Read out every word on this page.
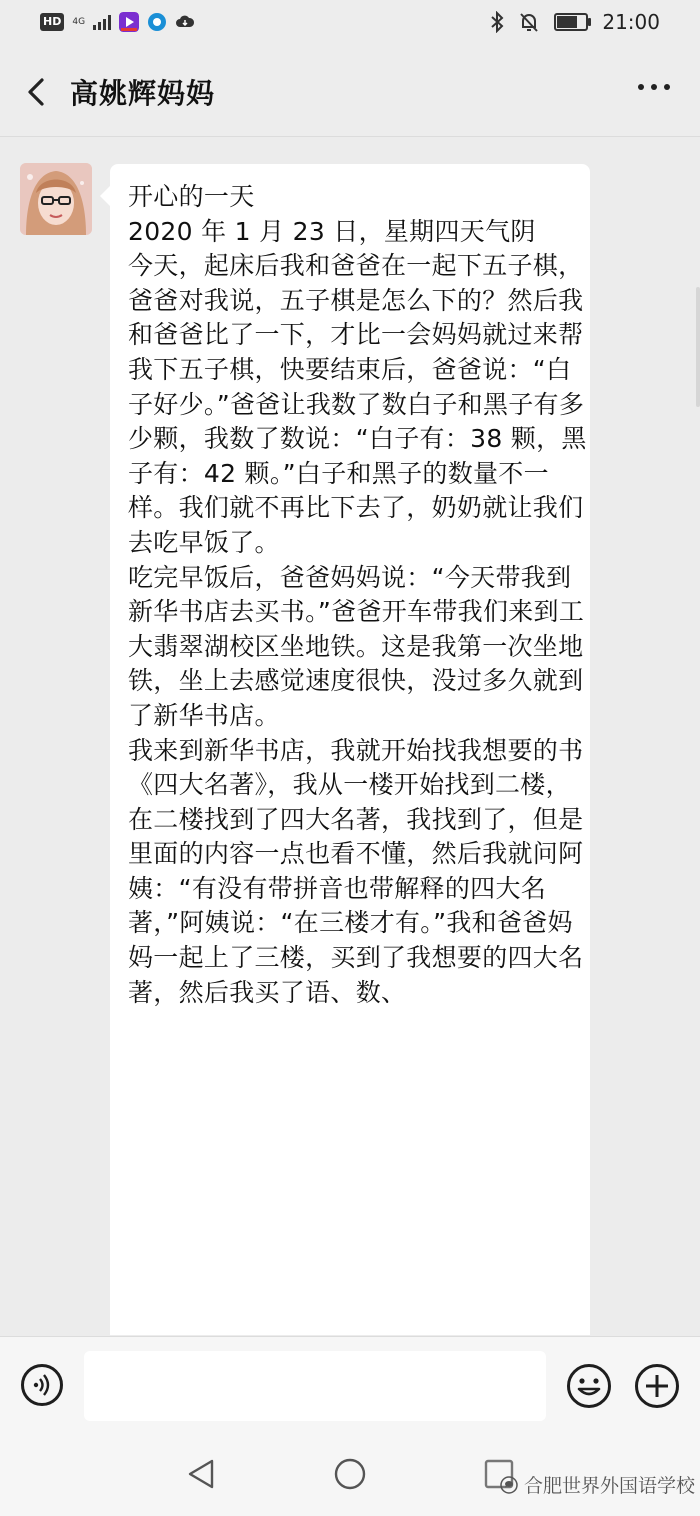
HD	4G	21:00
高姚辉妈妈
开心的一天
2020 年 1 月 23 日，星期四天气阴
今天，起床后我和爸爸在一起下五子棋，爸爸对我说，五子棋是怎么下的？然后我和爸爸比了一下，才比一会妈妈就过来帮我下五子棋，快要结束后，爸爸说：“白子好少。”爸爸让我数了数白子和黑子有多少颗，我数了数说：“白子有：38 颗，黑子有：42 颗。”白子和黑子的数量不一样。我们就不再比下去了，奶奶就让我们去吃早饭了。
吃完早饭后，爸爸妈妈说：“今天带我到新华书店去买书。”爸爸开车带我们来到工大翡翠湖校区坐地铁。这是我第一次坐地铁，坐上去感觉速度很快，没过多久就到了新华书店。
我来到新华书店，我就开始找我想要的书《四大名著》，我从一楼开始找到二楼，在二楼找到了四大名著，我找到了，但是里面的内容一点也看不懂，然后我就问阿姨：“有没有带拼音也带解释的四大名著，”阿姨说：“在三楼才有。”我和爸爸妈妈一起上了三楼，买到了我想要的四大名著，然后我买了语、数、
合肥世界外国语学校
